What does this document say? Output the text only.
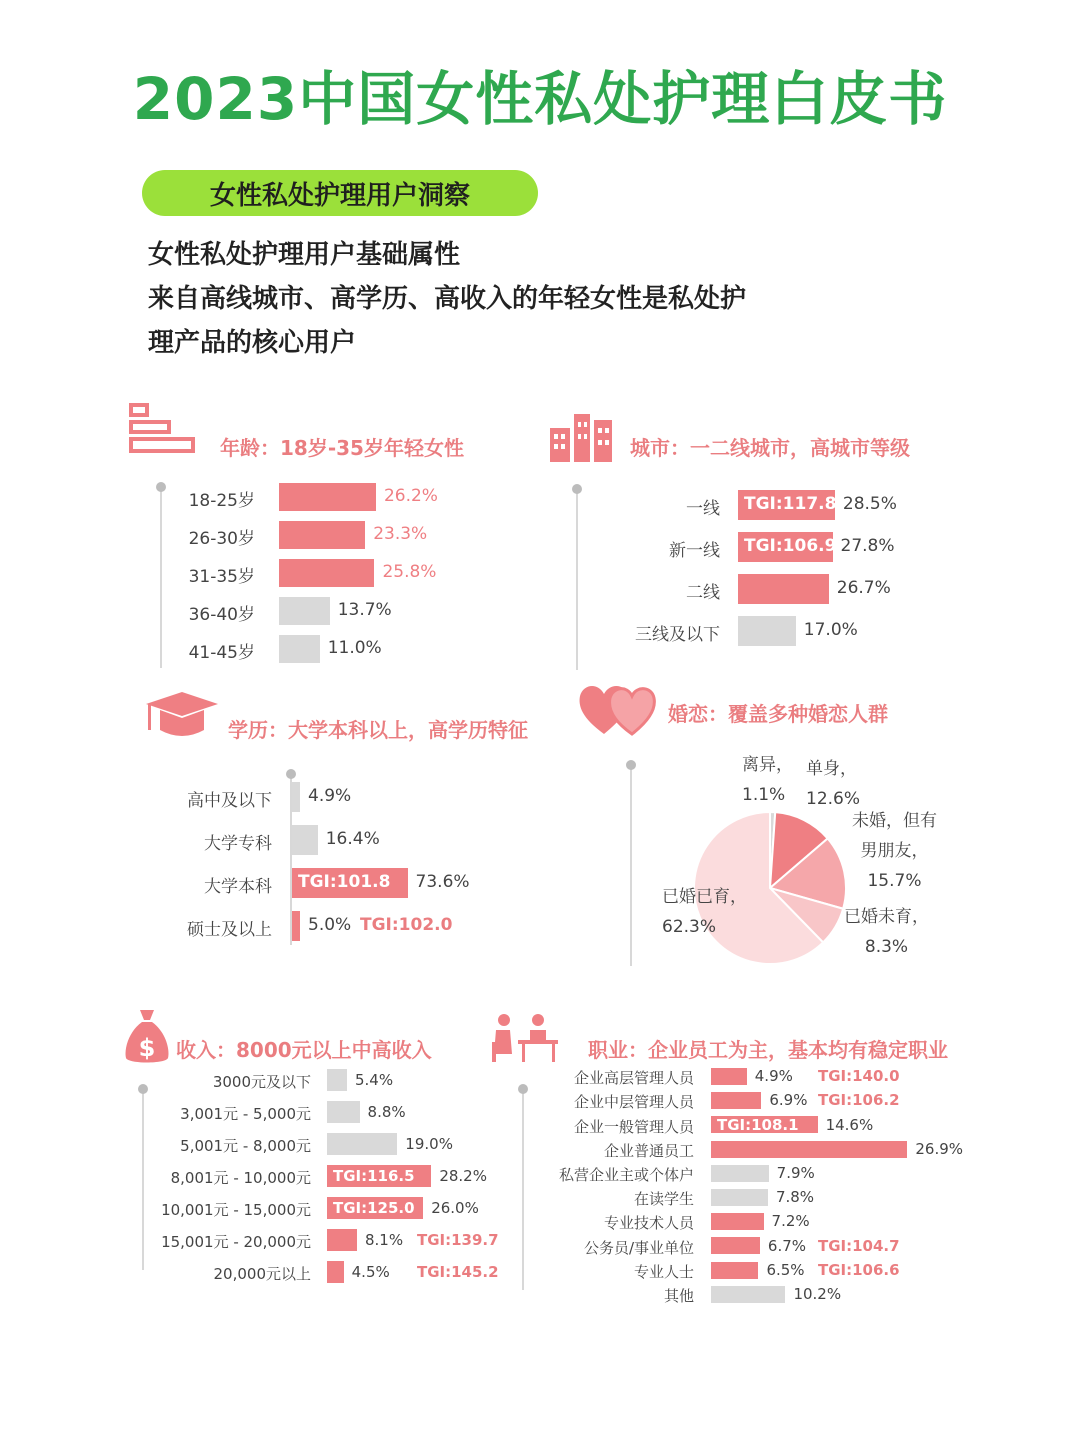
2023中国女性私处护理白皮书
女性私处护理用户洞察
女性私处护理用户基础属性
来自高线城市、高学历、高收入的年轻女性是私处护
理产品的核心用户
$
年龄：18岁-35岁年轻女性	城市：一二线城市，高城市等级
学历：大学本科以上，高学历特征
婚恋：覆盖多种婚恋人群
收入：8000元以上中高收入	职业：企业员工为主，基本均有稳定职业
离异，
1.1%
单身，
12.6%
未婚，但有
男朋友，
15.7%
已婚未育，
8.3%
已婚已育，
62.3%
18-25岁	26.2%
26-30岁	23.3%
31-35岁	25.8%
36-40岁	13.7%
41-45岁	11.0%
一线 TGI:117.8 28.5%
新一线 TGI:106.9 27.8%
二线	26.7%
三线及以下	17.0%
高中及以下 4.9%
大学专科	16.4%
大学本科 TGI:101.8 73.6%
硕士及以上 5.0% TGI:102.0
3000元及以下	5.4%
3,001元 - 5,000元	8.8%
5,001元 - 8,000元	19.0%
8,001元 - 10,000元 TGI:116.5 28.2%
10,001元 - 15,000元 TGI:125.0 26.0%
15,001元 - 20,000元	8.1% TGI:139.7
20,000元以上	4.5% TGI:145.2
企业高层管理人员	4.9% TGI:140.0
企业中层管理人员	6.9% TGI:106.2
企业一般管理人员 TGI:108.1 14.6%
企业普通员工	26.9%
私营企业主或个体户	7.9%
在读学生	7.8%
专业技术人员	7.2%
公务员/事业单位	6.7% TGI:104.7
专业人士	6.5% TGI:106.6
其他	10.2%
